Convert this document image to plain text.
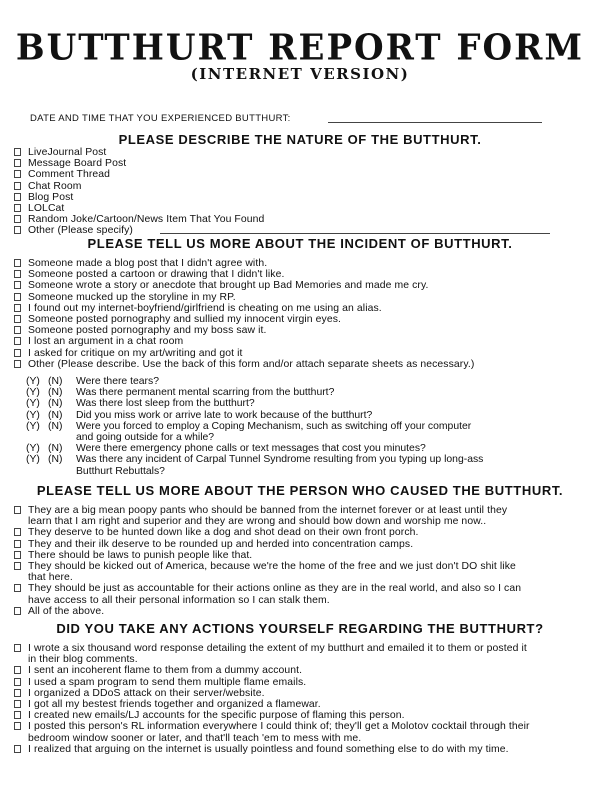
BUTTHURT REPORT FORM
(INTERNET VERSION)
DATE AND TIME THAT YOU EXPERIENCED BUTTHURT:
PLEASE DESCRIBE THE NATURE OF THE BUTTHURT.
LiveJournal Post
Message Board Post
Comment Thread
Chat Room
Blog Post
LOLCat
Random Joke/Cartoon/News Item That You Found
Other (Please specify)
PLEASE TELL US MORE ABOUT THE INCIDENT OF BUTTHURT.
Someone made a blog post that I didn't agree with.
Someone posted a cartoon or drawing that I didn't like.
Someone wrote a story or anecdote that brought up Bad Memories and made me cry.
Someone mucked up the storyline in my RP.
I found out my internet-boyfriend/girlfriend is cheating on me using an alias.
Someone posted pornography and sullied my innocent virgin eyes.
Someone posted pornography and my boss saw it.
I lost an argument in a chat room
I asked for critique on my art/writing and got it
Other (Please describe. Use the back of this form and/or attach separate sheets as necessary.)
(Y) (N)	Were there tears?
(Y) (N)	Was there permanent mental scarring from the butthurt?
(Y) (N)	Was there lost sleep from the butthurt?
(Y) (N)	Did you miss work or arrive late to work because of the butthurt?
(Y) (N)	Were you forced to employ a Coping Mechanism, such as switching off your computer
and going outside for a while?
(Y) (N)	Were there emergency phone calls or text messages that cost you minutes?
(Y) (N)	Was there any incident of Carpal Tunnel Syndrome resulting from you typing up long-ass
Butthurt Rebuttals?
PLEASE TELL US MORE ABOUT THE PERSON WHO CAUSED THE BUTTHURT.
They are a big mean poopy pants who should be banned from the internet forever or at least until they
learn that I am right and superior and they are wrong and should bow down and worship me now..
They deserve to be hunted down like a dog and shot dead on their own front porch.
They and their ilk deserve to be rounded up and herded into concentration camps.
There should be laws to punish people like that.
They should be kicked out of America, because we're the home of the free and we just don't DO shit like
that here.
They should be just as accountable for their actions online as they are in the real world, and also so I can
have access to all their personal information so I can stalk them.
All of the above.
DID YOU TAKE ANY ACTIONS YOURSELF REGARDING THE BUTTHURT?
I wrote a six thousand word response detailing the extent of my butthurt and emailed it to them or posted it
in their blog comments.
I sent an incoherent flame to them from a dummy account.
I used a spam program to send them multiple flame emails.
I organized a DDoS attack on their server/website.
I got all my bestest friends together and organized a flamewar.
I created new emails/LJ accounts for the specific purpose of flaming this person.
I posted this person's RL information everywhere I could think of; they'll get a Molotov cocktail through their
bedroom window sooner or later, and that'll teach 'em to mess with me.
I realized that arguing on the internet is usually pointless and found something else to do with my time.
